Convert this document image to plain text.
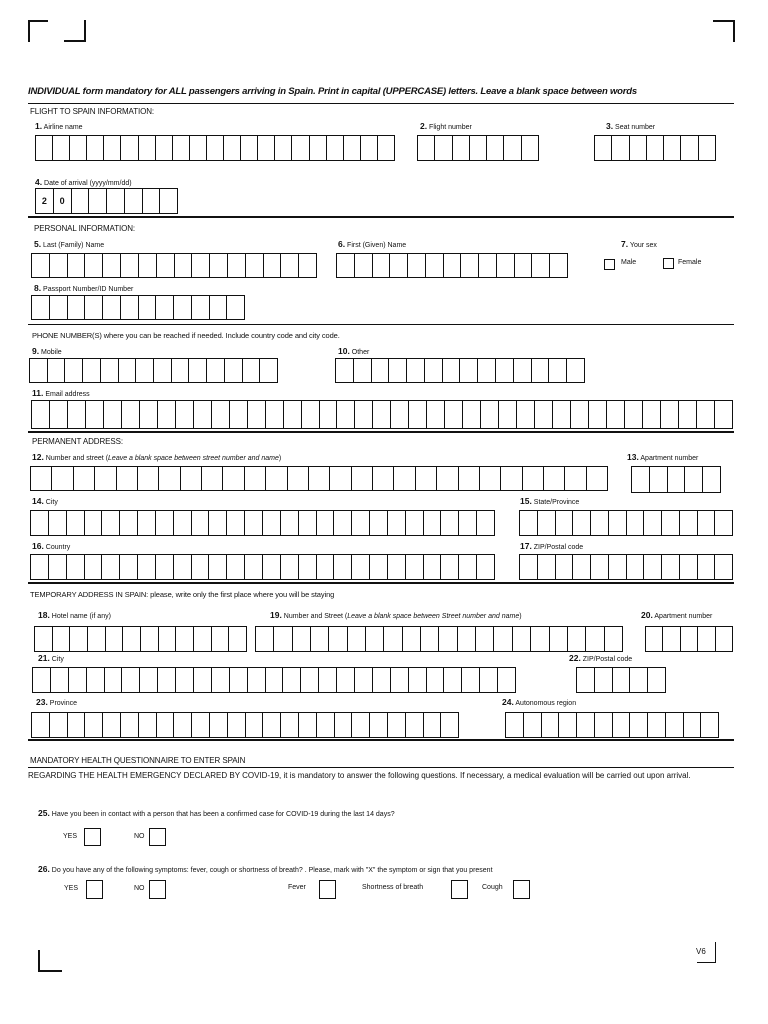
V6
INDIVIDUAL form mandatory for ALL passengers arriving in Spain. Print in capital (UPPERCASE) letters. Leave a blank space between words
FLIGHT TO SPAIN INFORMATION:
1. Airline name	2. Flight number	3. Seat number
4. Date of arrival (yyyy/mm/dd)
2	0
PERSONAL INFORMATION:
5. Last (Family) Name	6. First (Given) Name	7. Your sex
Male	Female
8. Passport Number/ID Number
PHONE NUMBER(S) where you can be reached if needed. Include country code and city code.
9. Mobile	10. Other
11. Email address
PERMANENT ADDRESS:
12. Number and street (Leave a blank space between street number and name)	13. Apartment number
14. City	15. State/Province
16. Country	17. ZIP/Postal code
TEMPORARY ADDRESS IN SPAIN: please, write only the first place where you will be staying
18. Hotel name (if any)	19. Number and Street (Leave a blank space between Street number and name)	20. Apartment number
21. City	22. ZIP/Postal code
23. Province	24. Autonomous region
MANDATORY HEALTH QUESTIONNAIRE TO ENTER SPAIN
REGARDING THE HEALTH EMERGENCY DECLARED BY COVID-19, it is mandatory to answer the following questions. If necessary, a medical evaluation will be carried out upon arrival.
25. Have you been in contact with a person that has been a confirmed case for COVID-19 during the last 14 days?
YES	NO
26. Do you have any of the following symptoms: fever, cough or shortness of breath? . Please, mark with "X" the symptom or sign that you present
YES	NO	Fever	Shortness of breath	Cough
